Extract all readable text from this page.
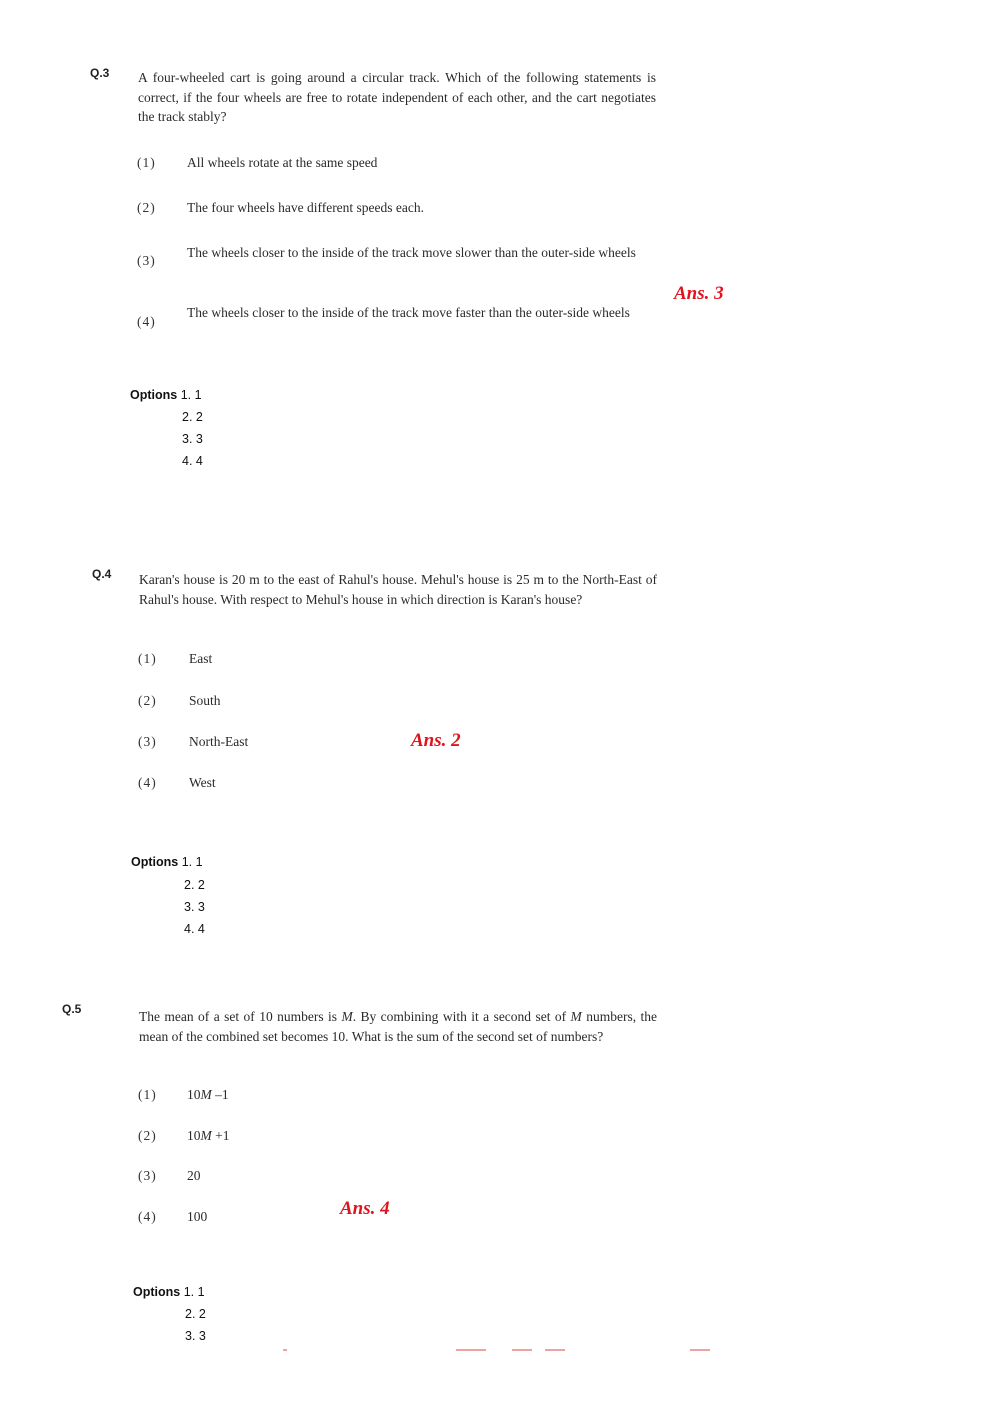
Q.3 A four-wheeled cart is going around a circular track. Which of the following statements is correct, if the four wheels are free to rotate independent of each other, and the cart negotiates the track stably?
(1) All wheels rotate at the same speed
(2) The four wheels have different speeds each.
(3)
The wheels closer to the inside of the track move slower than the outer-side wheels
(4)
The wheels closer to the inside of the track move faster than the outer-side wheels
Ans. 3
Options 1. 1
2. 2
3. 3
4. 4
Q.4 Karan's house is 20 m to the east of Rahul's house. Mehul's house is 25 m to the North-East of Rahul's house. With respect to Mehul's house in which direction is Karan's house?
(1) East
(2) South
(3) North-East
(4) West
Ans. 2
Options 1. 1
2. 2
3. 3
4. 4
Q.5	The mean of a set of 10 numbers is M. By combining with it a second set of M numbers, the mean of the combined set becomes 10. What is the sum of the second set of numbers?
(1) 10M –1
(2) 10M +1
(3) 20
(4) 100	Ans. 4
Options 1. 1
2. 2
3. 3
